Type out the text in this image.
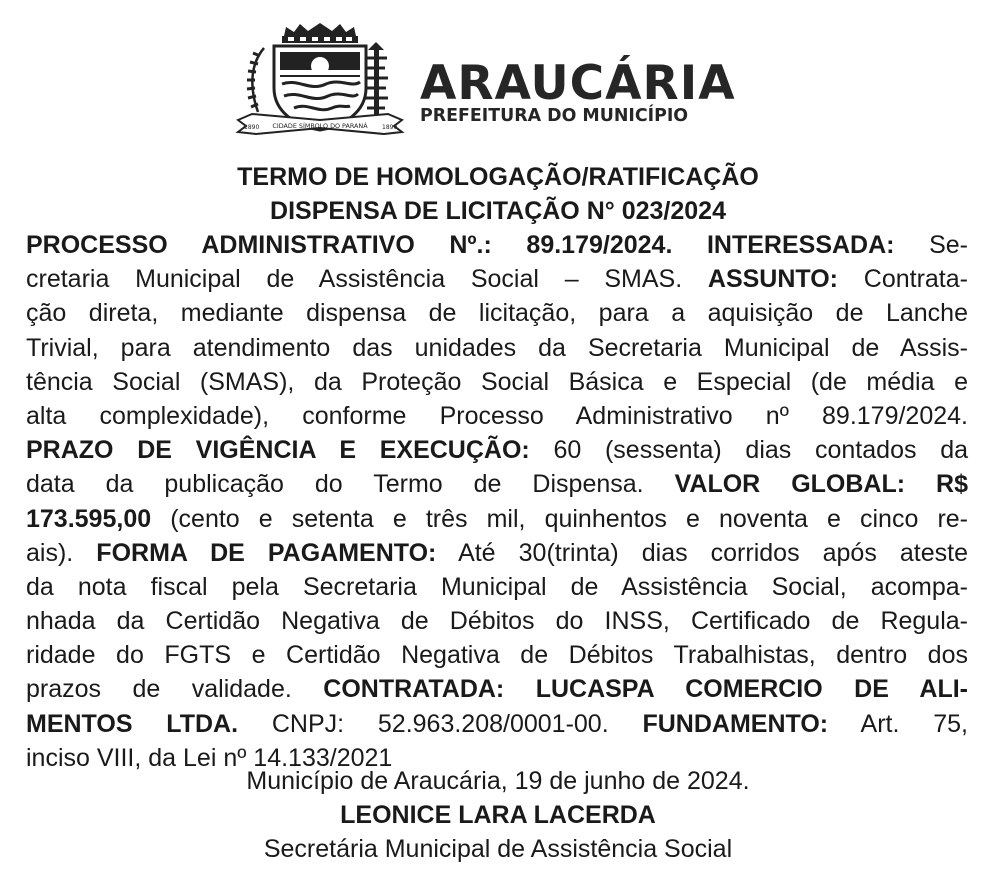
1890 CIDADE SÍMBOLO DO PARANÁ 1890
ARAUCÁRIA
PREFEITURA DO MUNICÍPIO
TERMO DE HOMOLOGAÇÃO/RATIFICAÇÃO
DISPENSA DE LICITAÇÃO N° 023/2024
PROCESSO ADMINISTRATIVO Nº.: 89.179/2024. INTERESSADA: Se-
cretaria Municipal de Assistência Social – SMAS. ASSUNTO: Contrata-
ção direta, mediante dispensa de licitação, para a aquisição de Lanche
Trivial, para atendimento das unidades da Secretaria Municipal de Assis-
tência Social (SMAS), da Proteção Social Básica e Especial (de média e
alta complexidade), conforme Processo Administrativo nº 89.179/2024.
PRAZO DE VIGÊNCIA E EXECUÇÃO: 60 (sessenta) dias contados da
data da publicação do Termo de Dispensa. VALOR GLOBAL: R$
173.595,00 (cento e setenta e três mil, quinhentos e noventa e cinco re-
ais). FORMA DE PAGAMENTO: Até 30(trinta) dias corridos após ateste
da nota fiscal pela Secretaria Municipal de Assistência Social, acompa-
nhada da Certidão Negativa de Débitos do INSS, Certificado de Regula-
ridade do FGTS e Certidão Negativa de Débitos Trabalhistas, dentro dos
prazos de validade. CONTRATADA: LUCASPA COMERCIO DE ALI-
MENTOS LTDA. CNPJ: 52.963.208/0001-00. FUNDAMENTO: Art. 75,
inciso VIII, da Lei nº 14.133/2021
Município de Araucária, 19 de junho de 2024.
LEONICE LARA LACERDA
Secretária Municipal de Assistência Social
